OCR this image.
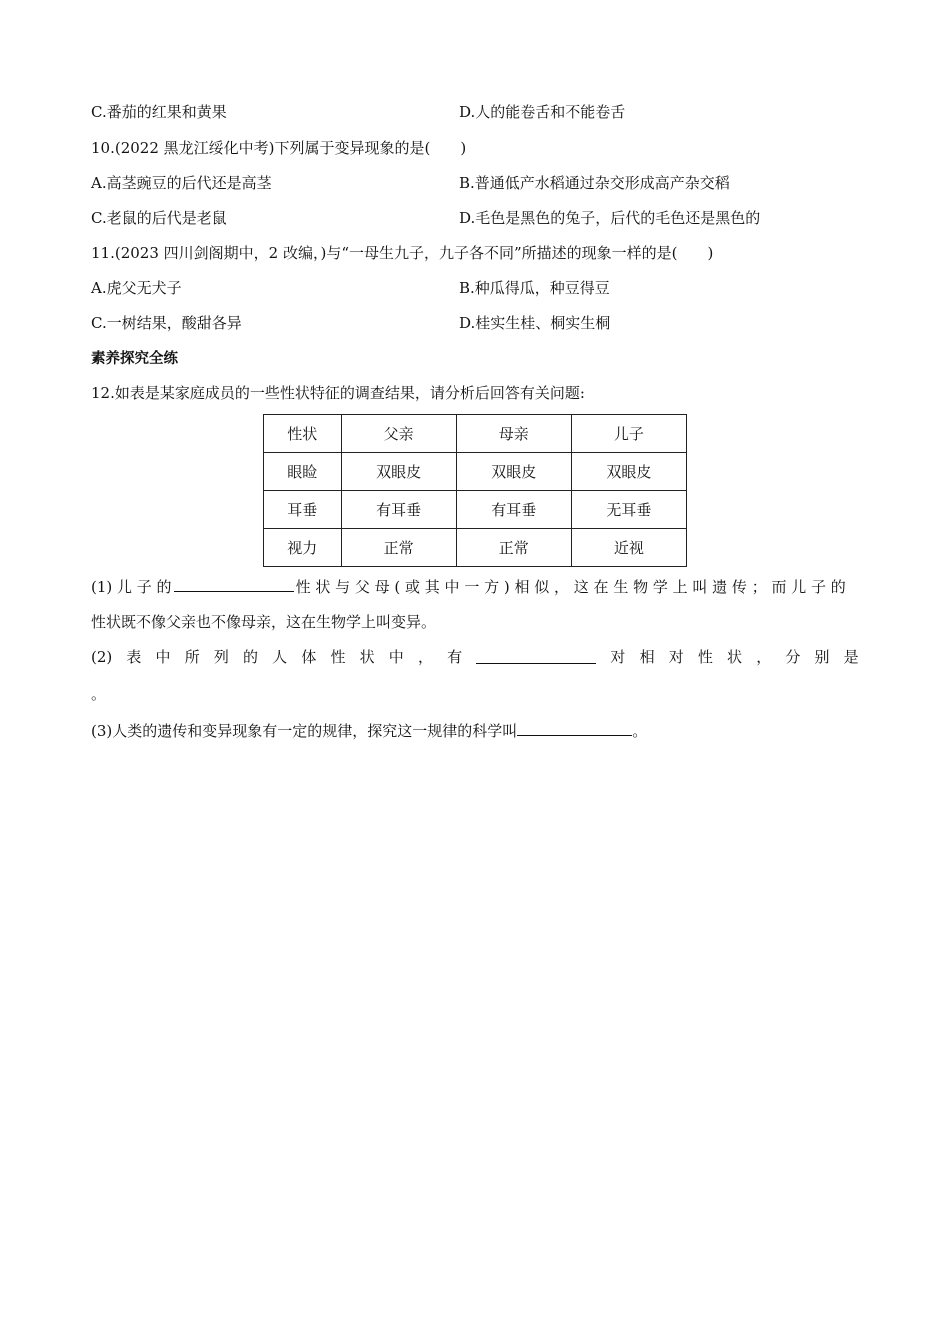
C.番茄的红果和黄果	D.人的能卷舌和不能卷舌
10.(2022 黑龙江绥化中考)下列属于变异现象的是(　　)
A.高茎豌豆的后代还是高茎	B.普通低产水稻通过杂交形成高产杂交稻
C.老鼠的后代是老鼠	D.毛色是黑色的兔子，后代的毛色还是黑色的
11.(2023 四川剑阁期中，2 改编，)与“一母生九子，九子各不同”所描述的现象一样的是(　　)
A.虎父无犬子	B.种瓜得瓜，种豆得豆
C.一树结果，酸甜各异	D.桂实生桂、桐实生桐
素养探究全练
12.如表是某家庭成员的一些性状特征的调查结果，请分析后回答有关问题:
性状	父亲	母亲	儿子
眼睑	双眼皮	双眼皮	双眼皮
耳垂	有耳垂	有耳垂	无耳垂
视力	正常	正常	近视
(1) 儿 子 的	性 状 与 父 母 ( 或 其 中 一 方 ) 相 似 ， 这 在 生 物 学 上 叫 遗 传 ； 而 儿 子 的
性状既不像父亲也不像母亲，这在生物学上叫变异。
(2) 表 中 所 列 的 人 体 性 状 中 ， 有	对 相 对 性 状 ， 分 别 是
。
(3)人类的遗传和变异现象有一定的规律，探究这一规律的科学叫	。
